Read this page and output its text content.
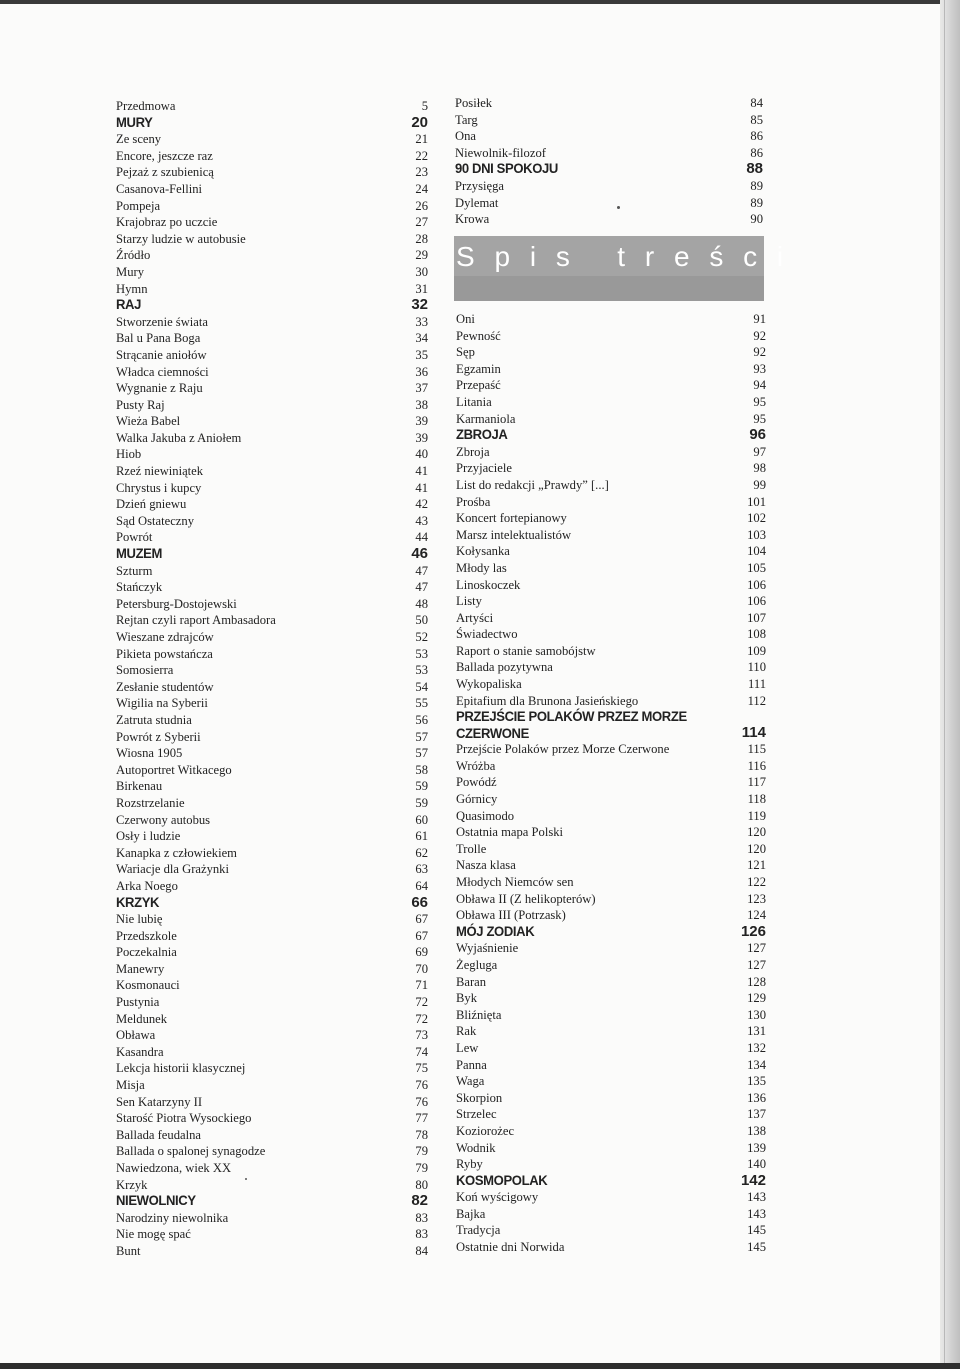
Przedmowa	5
MURY	20
Ze sceny	21
Encore, jeszcze raz	22
Pejzaż z szubienicą	23
Casanova-Fellini	24
Pompeja	26
Krajobraz po uczcie	27
Starzy ludzie w autobusie	28
Źródło	29
Mury	30
Hymn	31
RAJ	32
Stworzenie świata	33
Bal u Pana Boga	34
Strącanie aniołów	35
Władca ciemności	36
Wygnanie z Raju	37
Pusty Raj	38
Wieża Babel	39
Walka Jakuba z Aniołem	39
Hiob	40
Rzeź niewiniątek	41
Chrystus i kupcy	41
Dzień gniewu	42
Sąd Ostateczny	43
Powrót	44
MUZEM	46
Szturm	47
Stańczyk	47
Petersburg-Dostojewski	48
Rejtan czyli raport Ambasadora	50
Wieszane zdrajców	52
Pikieta powstańcza	53
Somosierra	53
Zesłanie studentów	54
Wigilia na Syberii	55
Zatruta studnia	56
Powrót z Syberii	57
Wiosna 1905	57
Autoportret Witkacego	58
Birkenau	59
Rozstrzelanie	59
Czerwony autobus	60
Osły i ludzie	61
Kanapka z człowiekiem	62
Wariacje dla Grażynki	63
Arka Noego	64
KRZYK	66
Nie lubię	67
Przedszkole	67
Poczekalnia	69
Manewry	70
Kosmonauci	71
Pustynia	72
Meldunek	72
Obława	73
Kasandra	74
Lekcja historii klasycznej	75
Misja	76
Sen Katarzyny II	76
Starość Piotra Wysockiego	77
Ballada feudalna	78
Ballada o spalonej synagodze	79
Nawiedzona, wiek XX	79
Krzyk	80
NIEWOLNICY	82
Narodziny niewolnika	83
Nie mogę spać	83
Bunt	84
Posiłek	84
Targ	85
Ona	86
Niewolnik-filozof	86
90 DNI SPOKOJU	88
Przysięga	89
Dylemat	89
Krowa	90
Spis treści
Oni	91
Pewność	92
Sęp	92
Egzamin	93
Przepaść	94
Litania	95
Karmaniola	95
ZBROJA	96
Zbroja	97
Przyjaciele	98
List do redakcji „Prawdy” [...]	99
Prośba	101
Koncert fortepianowy	102
Marsz intelektualistów	103
Kołysanka	104
Młody las	105
Linoskoczek	106
Listy	106
Artyści	107
Świadectwo	108
Raport o stanie samobójstw	109
Ballada pozytywna	110
Wykopaliska	111
Epitafium dla Brunona Jasieńskiego	112
PRZEJŚCIE POLAKÓW PRZEZ MORZE CZERWONE	114
Przejście Polaków przez Morze Czerwone	115
Wróżba	116
Powódź	117
Górnicy	118
Quasimodo	119
Ostatnia mapa Polski	120
Trolle	120
Nasza klasa	121
Młodych Niemców sen	122
Obława II (Z helikopterów)	123
Obława III (Potrzask)	124
MÓJ ZODIAK	126
Wyjaśnienie	127
Żegluga	127
Baran	128
Byk	129
Bliźnięta	130
Rak	131
Lew	132
Panna	134
Waga	135
Skorpion	136
Strzelec	137
Koziorożec	138
Wodnik	139
Ryby	140
KOSMOPOLAK	142
Koń wyścigowy	143
Bajka	143
Tradycja	145
Ostatnie dni Norwida	145
